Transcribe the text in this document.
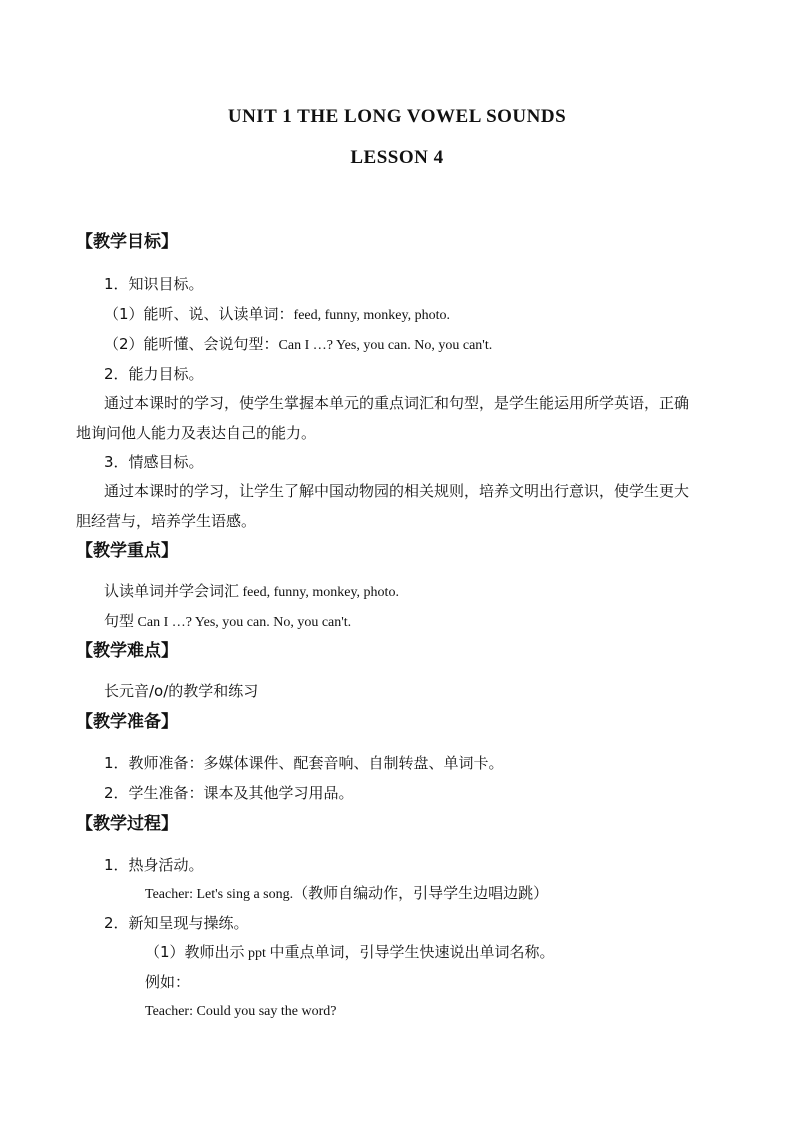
UNIT 1 THE LONG VOWEL SOUNDS
LESSON 4
【教学目标】
1．知识目标。
（1）能听、说、认读单词：feed, funny, monkey, photo.
（2）能听懂、会说句型：Can I …? Yes, you can. No, you can't.
2．能力目标。
通过本课时的学习，使学生掌握本单元的重点词汇和句型，是学生能运用所学英语，正确
地询问他人能力及表达自己的能力。
3．情感目标。
通过本课时的学习，让学生了解中国动物园的相关规则，培养文明出行意识，使学生更大
胆经营与，培养学生语感。
【教学重点】
认读单词并学会词汇 feed, funny, monkey, photo.
句型 Can I …? Yes, you can. No, you can't.
【教学难点】
长元音/o/的教学和练习
【教学准备】
1．教师准备：多媒体课件、配套音响、自制转盘、单词卡。
2．学生准备：课本及其他学习用品。
【教学过程】
1．热身活动。
Teacher: Let's sing a song.（教师自编动作，引导学生边唱边跳）
2．新知呈现与操练。
（1）教师出示 ppt 中重点单词，引导学生快速说出单词名称。
例如：
Teacher: Could you say the word?
